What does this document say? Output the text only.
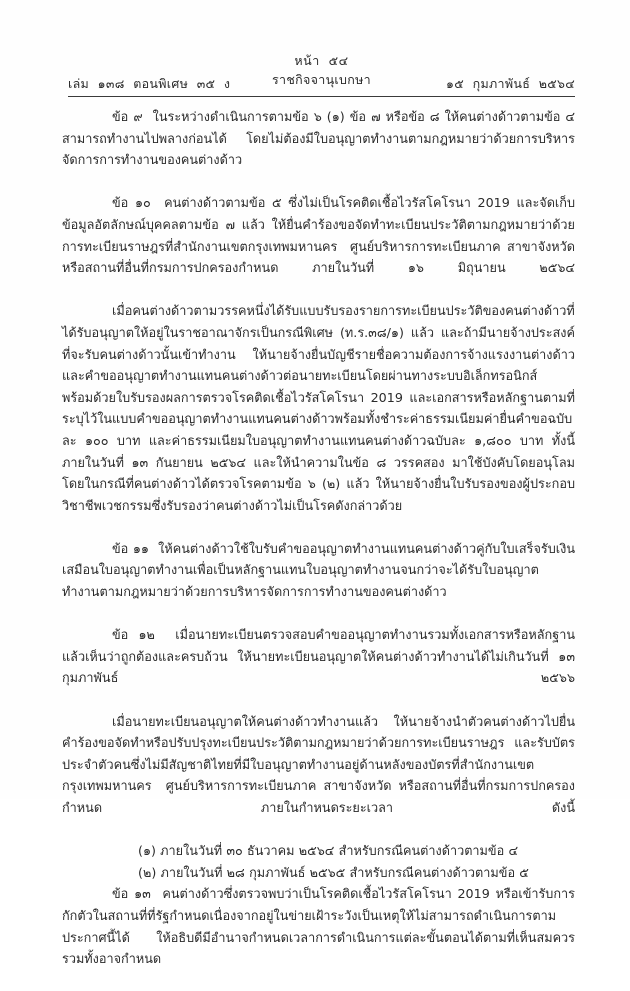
หน้า  ๕๔
ราชกิจจานุเบกษา
เล่ม  ๑๓๘  ตอนพิเศษ  ๓๕  ง	๑๕  กุมภาพันธ์  ๒๕๖๔

ข้อ ๙  ในระหว่างดำเนินการตามข้อ ๖ (๑) ข้อ ๗ หรือข้อ ๘ ให้คนต่างด้าวตามข้อ ๔ สามารถทำงานไปพลางก่อนได้  โดยไม่ต้องมีใบอนุญาตทำงานตามกฎหมายว่าด้วยการบริหารจัดการการทำงานของคนต่างด้าว

ข้อ ๑๐  คนต่างด้าวตามข้อ ๕ ซึ่งไม่เป็นโรคติดเชื้อไวรัสโคโรนา 2019 และจัดเก็บข้อมูลอัตลักษณ์บุคคลตามข้อ ๗ แล้ว ให้ยื่นคำร้องขอจัดทำทะเบียนประวัติตามกฎหมายว่าด้วยการทะเบียนราษฎรที่สำนักงานเขตกรุงเทพมหานคร  ศูนย์บริหารการทะเบียนภาค สาขาจังหวัด หรือสถานที่อื่นที่กรมการปกครองกำหนด ภายในวันที่ ๑๖ มิถุนายน ๒๕๖๔

เมื่อคนต่างด้าวตามวรรคหนึ่งได้รับแบบรับรองรายการทะเบียนประวัติของคนต่างด้าวที่ได้รับอนุญาตให้อยู่ในราชอาณาจักรเป็นกรณีพิเศษ (ท.ร.๓๘/๑) แล้ว และถ้ามีนายจ้างประสงค์ที่จะรับคนต่างด้าวนั้นเข้าทำงาน ให้นายจ้างยื่นบัญชีรายชื่อความต้องการจ้างแรงงานต่างด้าว และคำขออนุญาตทำงานแทนคนต่างด้าวต่อนายทะเบียนโดยผ่านทางระบบอิเล็กทรอนิกส์  พร้อมด้วยใบรับรองผลการตรวจโรคติดเชื้อไวรัสโคโรนา 2019 และเอกสารหรือหลักฐานตามที่ระบุไว้ในแบบคำขออนุญาตทำงานแทนคนต่างด้าวพร้อมทั้งชำระค่าธรรมเนียมค่ายื่นคำขอฉบับละ ๑๐๐ บาท และค่าธรรมเนียมใบอนุญาตทำงานแทนคนต่างด้าวฉบับละ ๑,๘๐๐ บาท ทั้งนี้ ภายในวันที่ ๑๓ กันยายน ๒๕๖๔ และให้นำความในข้อ ๘ วรรคสอง มาใช้บังคับโดยอนุโลม โดยในกรณีที่คนต่างด้าวได้ตรวจโรคตามข้อ ๖ (๒) แล้ว ให้นายจ้างยื่นใบรับรองของผู้ประกอบวิชาชีพเวชกรรมซึ่งรับรองว่าคนต่างด้าวไม่เป็นโรคดังกล่าวด้วย

ข้อ ๑๑  ให้คนต่างด้าวใช้ใบรับคำขออนุญาตทำงานแทนคนต่างด้าวคู่กับใบเสร็จรับเงินเสมือนใบอนุญาตทำงานเพื่อเป็นหลักฐานแทนใบอนุญาตทำงานจนกว่าจะได้รับใบอนุญาตทำงานตามกฎหมายว่าด้วยการบริหารจัดการการทำงานของคนต่างด้าว

ข้อ ๑๒  เมื่อนายทะเบียนตรวจสอบคำขออนุญาตทำงานรวมทั้งเอกสารหรือหลักฐานแล้วเห็นว่าถูกต้องและครบถ้วน ให้นายทะเบียนอนุญาตให้คนต่างด้าวทำงานได้ไม่เกินวันที่ ๑๓ กุมภาพันธ์ ๒๕๖๖

เมื่อนายทะเบียนอนุญาตให้คนต่างด้าวทำงานแล้ว ให้นายจ้างนำตัวคนต่างด้าวไปยื่นคำร้องขอจัดทำหรือปรับปรุงทะเบียนประวัติตามกฎหมายว่าด้วยการทะเบียนราษฎร  และรับบัตรประจำตัวคนซึ่งไม่มีสัญชาติไทยที่มีใบอนุญาตทำงานอยู่ด้านหลังของบัตรที่สำนักงานเขตกรุงเทพมหานคร  ศูนย์บริหารการทะเบียนภาค สาขาจังหวัด หรือสถานที่อื่นที่กรมการปกครองกำหนด ภายในกำหนดระยะเวลา ดังนี้

(๑) ภายในวันที่ ๓๐ ธันวาคม ๒๕๖๔ สำหรับกรณีคนต่างด้าวตามข้อ ๔

(๒) ภายในวันที่ ๒๘ กุมภาพันธ์ ๒๕๖๕ สำหรับกรณีคนต่างด้าวตามข้อ ๕

ข้อ ๑๓  คนต่างด้าวซึ่งตรวจพบว่าเป็นโรคติดเชื้อไวรัสโคโรนา 2019 หรือเข้ารับการกักตัวในสถานที่ที่รัฐกำหนดเนื่องจากอยู่ในข่ายเฝ้าระวังเป็นเหตุให้ไม่สามารถดำเนินการตามประกาศนี้ได้ ให้อธิบดีมีอำนาจกำหนดเวลาการดำเนินการแต่ละขั้นตอนได้ตามที่เห็นสมควร  รวมทั้งอาจกำหนด
